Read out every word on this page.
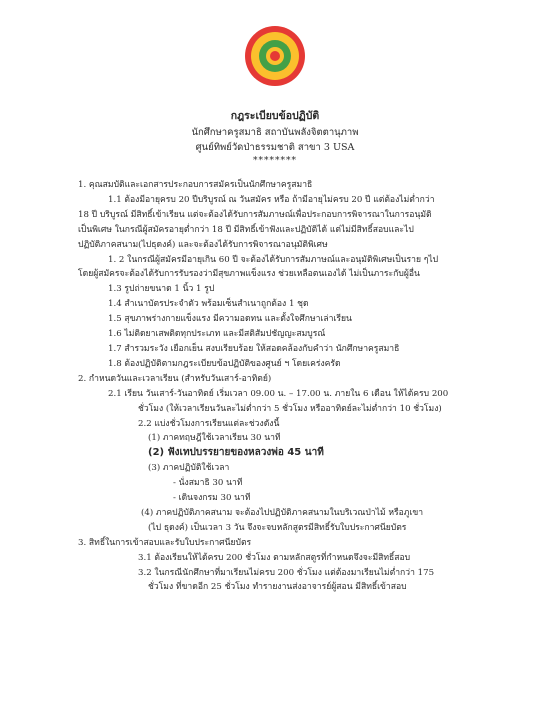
กฎระเบียบข้อปฏิบัติ
นักศึกษาครูสมาธิ สถาบันพลังจิตตานุภาพ
ศูนย์ทิพย์วัดป่าธรรมชาติ สาขา 3 USA
********
1. คุณสมบัติและเอกสารประกอบการสมัครเป็นนักศึกษาครูสมาธิ
1.1 ต้องมีอายุครบ 20 ปีบริบูรณ์ ณ วันสมัคร หรือ ถ้ามีอายุไม่ครบ 20 ปี แต่ต้องไม่ต่ำกว่า
18 ปี บริบูรณ์ มีสิทธิ์เข้าเรียน แต่จะต้องได้รับการสัมภาษณ์เพื่อประกอบการพิจารณาในการอนุมัติ
เป็นพิเศษ ในกรณีผู้สมัครอายุต่ำกว่า 18 ปี มีสิทธิ์เข้าฟังและปฏิบัติได้ แต่ไม่มีสิทธิ์สอบและไป
ปฏิบัติภาคสนาม(ไปธุดงค์) และจะต้องได้รับการพิจารณาอนุมัติพิเศษ
1. 2 ในกรณีผู้สมัครมีอายุเกิน 60 ปี จะต้องได้รับการสัมภาษณ์และอนุมัติพิเศษเป็นราย ๆไป
โดยผู้สมัครจะต้องได้รับการรับรองว่ามีสุขภาพแข็งแรง ช่วยเหลือตนเองได้ ไม่เป็นภาระกับผู้อื่น
1.3 รูปถ่ายขนาด 1 นิ้ว 1 รูป
1.4 สำเนาบัตรประจำตัว พร้อมเซ็นสำเนาถูกต้อง 1 ชุด
1.5 สุขภาพร่างกายแข็งแรง มีความอดทน และตั้งใจศึกษาเล่าเรียน
1.6 ไม่ติดยาเสพติดทุกประเภท และมีสติสัมปชัญญะสมบูรณ์
1.7 สำรวมระวัง เยือกเย็น สงบเรียบร้อย ให้สอดคล้องกับคำว่า นักศึกษาครูสมาธิ
1.8 ต้องปฏิบัติตามกฎระเบียบข้อปฏิบัติของศูนย์ ฯ โดยเคร่งครัด
2. กำหนดวันและเวลาเรียน (สำหรับวันเสาร์-อาทิตย์)
2.1 เรียน วันเสาร์-วันอาทิตย์ เริ่มเวลา 09.00 น. – 17.00 น. ภายใน 6 เดือน ให้ได้ครบ 200
ชั่วโมง (ให้เวลาเรียนวันละไม่ต่ำกว่า 5 ชั่วโมง หรืออาทิตย์ละไม่ต่ำกว่า 10 ชั่วโมง)
2.2 แบ่งชั่วโมงการเรียนแต่ละช่วงดังนี้
(1) ภาคทฤษฎีใช้เวลาเรียน 30 นาที
(2) ฟังเทปบรรยายของหลวงพ่อ 45 นาที
(3) ภาคปฏิบัติใช้เวลา
- นั่งสมาธิ 30 นาที
- เดินจงกรม 30 นาที
(4) ภาคปฏิบัติภาคสนาม จะต้องไปปฏิบัติภาคสนามในบริเวณป่าไม้ หรือภูเขา
(ไป ธุดงค์) เป็นเวลา 3 วัน จึงจะจบหลักสูตรมีสิทธิ์รับใบประกาศนียบัตร
3. สิทธิ์ในการเข้าสอบและรับใบประกาศนียบัตร
3.1 ต้องเรียนให้ได้ครบ 200 ชั่วโมง ตามหลักสตูรที่กำหนดจึงจะมีสิทธิ์สอบ
3.2 ในกรณีนักศึกษาที่มาเรียนไม่ครบ 200 ชั่วโมง แต่ต้องมาเรียนไม่ต่ำกว่า 175
ชั่วโมง ที่ขาดอีก 25 ชั่วโมง ทำรายงานส่งอาจารย์ผู้สอน มีสิทธิ์เข้าสอบ
